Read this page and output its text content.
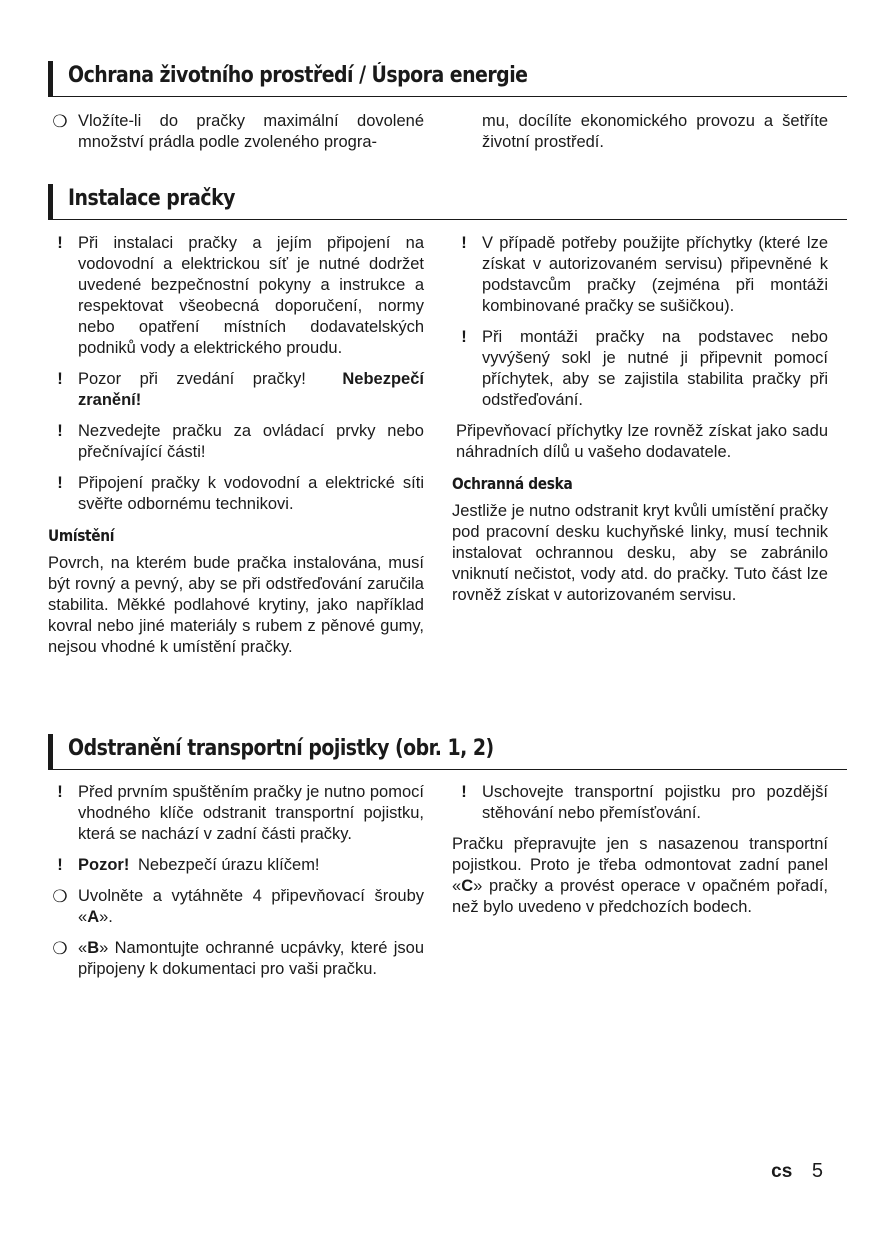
Ochrana životního prostředí / Úspora energie
❍ Vložíte-li do pračky maximální dovolené množství prádla podle zvoleného progra-
mu, docílíte ekonomického provozu a šetříte životní prostředí.
Instalace pračky
! Při instalaci pračky a jejím připojení na vodovodní a elektrickou síť je nutné dodržet uvedené bezpečnostní pokyny a instrukce a respektovat všeobecná doporučení, normy nebo opatření místních dodavatelských podniků vody a elektrického proudu.
! Pozor při zvedání pračky! Nebezpečí zranění!
! Nezvedejte pračku za ovládací prvky nebo přečnívající části!
! Připojení pračky k vodovodní a elektrické síti svěřte odbornému technikovi.
Umístění
Povrch, na kterém bude pračka instalována, musí být rovný a pevný, aby se při odstřeďování zaručila stabilita. Měkké podlahové krytiny, jako například kovral nebo jiné materiály s rubem z pěnové gumy, nejsou vhodné k umístění pračky.
! V případě potřeby použijte příchytky (které lze získat v autorizovaném servisu) připevněné k podstavcům pračky (zejména při montáži kombinované pračky se sušičkou).
! Při montáži pračky na podstavec nebo vyvýšený sokl je nutné ji připevnit pomocí příchytek, aby se zajistila stabilita pračky při odstřeďování.
Připevňovací příchytky lze rovněž získat jako sadu náhradních dílů u vašeho dodavatele.
Ochranná deska
Jestliže je nutno odstranit kryt kvůli umístění pračky pod pracovní desku kuchyňské linky, musí technik instalovat ochrannou desku, aby se zabránilo vniknutí nečistot, vody atd. do pračky. Tuto část lze rovněž získat v autorizovaném servisu.
Odstranění transportní pojistky (obr. 1, 2)
! Před prvním spuštěním pračky je nutno pomocí vhodného klíče odstranit transportní pojistku, která se nachází v zadní části pračky.
! Pozor! Nebezpečí úrazu klíčem!
❍ Uvolněte a vytáhněte 4 připevňovací šrouby «A».
❍ «B» Namontujte ochranné ucpávky, které jsou připojeny k dokumentaci pro vaši pračku.
! Uschovejte transportní pojistku pro pozdější stěhování nebo přemísťování.
Pračku přepravujte jen s nasazenou transportní pojistkou. Proto je třeba odmontovat zadní panel «C» pračky a provést operace v opačném pořadí, než bylo uvedeno v předchozích bodech.
cs 5
